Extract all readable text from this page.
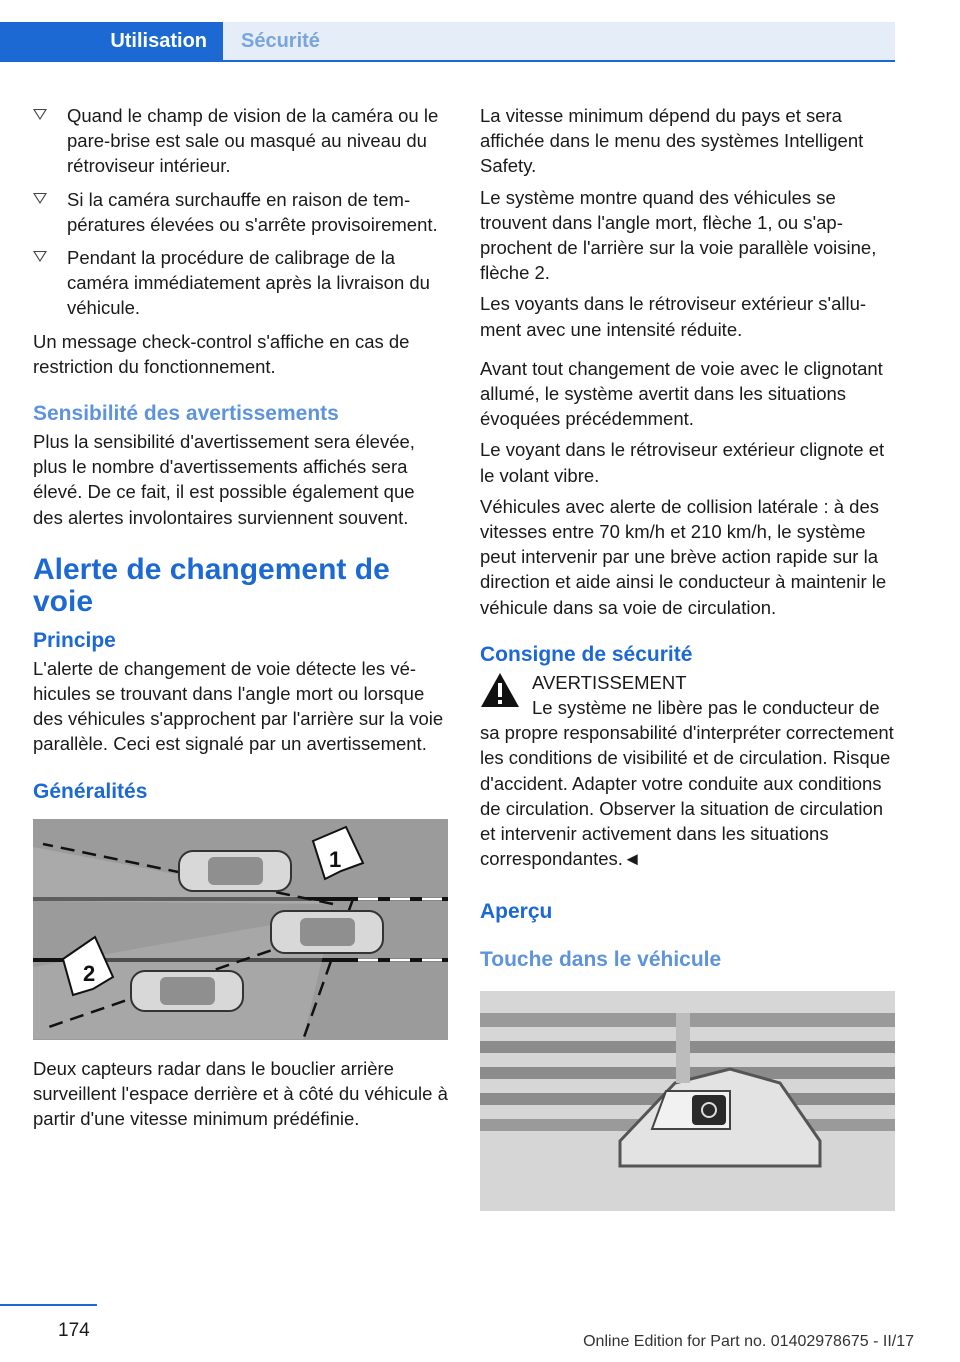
Utilisation	Sécurité
Quand le champ de vision de la caméra ou le pare-brise est sale ou masqué au niveau du rétroviseur intérieur.
Si la caméra surchauffe en raison de températures élevées ou s'arrête provisoirement.
Pendant la procédure de calibrage de la caméra immédiatement après la livraison du véhicule.

Un message check-control s'affiche en cas de restriction du fonctionnement.

Sensibilité des avertissements

Plus la sensibilité d'avertissement sera élevée, plus le nombre d'avertissements affichés sera élevé. De ce fait, il est possible également que des alertes involontaires surviennent souvent.

Alerte de changement de voie
Principe

L'alerte de changement de voie détecte les véhicules se trouvant dans l'angle mort ou lorsque des véhicules s'approchent par l'arrière sur la voie parallèle. Ceci est signalé par un avertissement.

Généralités
1
2

Deux capteurs radar dans le bouclier arrière surveillent l'espace derrière et à côté du véhicule à partir d'une vitesse minimum prédéfinie.

La vitesse minimum dépend du pays et sera affichée dans le menu des systèmes Intelligent Safety.

Le système montre quand des véhicules se trouvent dans l'angle mort, flèche 1, ou s'approchent de l'arrière sur la voie parallèle voisine, flèche 2.

Les voyants dans le rétroviseur extérieur s'allument avec une intensité réduite.

Avant tout changement de voie avec le clignotant allumé, le système avertit dans les situations évoquées précédemment.

Le voyant dans le rétroviseur extérieur clignote et le volant vibre.

Véhicules avec alerte de collision latérale : à des vitesses entre 70 km/h et 210 km/h, le système peut intervenir par une brève action rapide sur la direction et aide ainsi le conducteur à maintenir le véhicule dans sa voie de circulation.

Consigne de sécurité
AVERTISSEMENT
Le système ne libère pas le conducteur de sa propre responsabilité d'interpréter correctement les conditions de visibilité et de circulation. Risque d'accident. Adapter votre conduite aux conditions de circulation. Observer la situation de circulation et intervenir activement dans les situations correspondantes.◄
Aperçu
Touche dans le véhicule
174
Online Edition for Part no. 01402978675 - II/17
